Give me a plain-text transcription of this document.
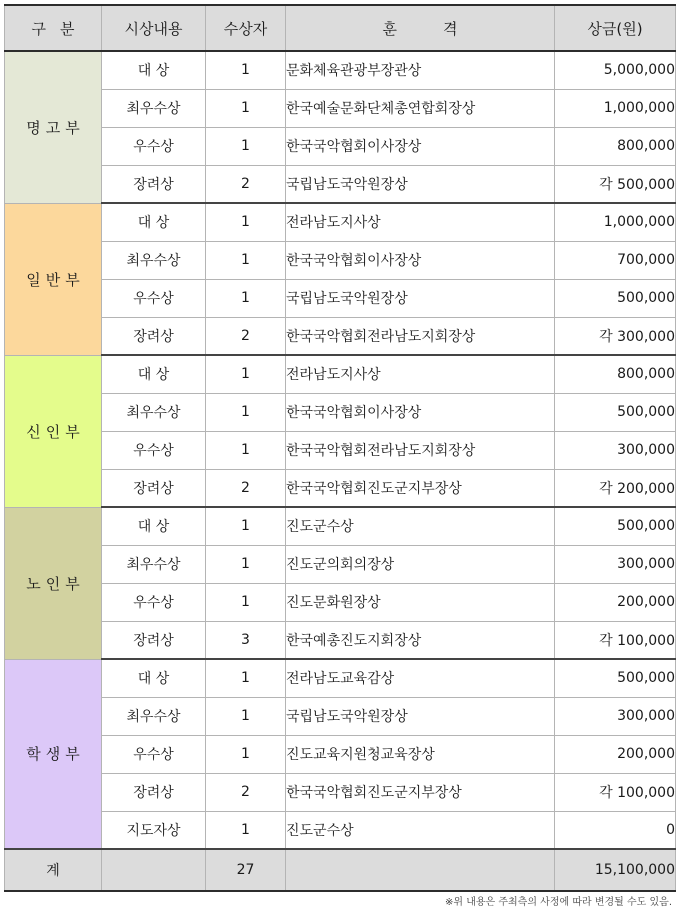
구분	시상내용	수상자	훈격	상금(원)
명고부	대 상	1	문화체육관광부장관상	5,000,000
	최우수상	1	한국예술문화단체총연합회장상	1,000,000
	우수상	1	한국국악협회이사장상	800,000
	장려상	2	국립남도국악원장상	각 500,000
일반부	대 상	1	전라남도지사상	1,000,000
	최우수상	1	한국국악협회이사장상	700,000
	우수상	1	국립남도국악원장상	500,000
	장려상	2	한국국악협회전라남도지회장상	각 300,000
신인부	대 상	1	전라남도지사상	800,000
	최우수상	1	한국국악협회이사장상	500,000
	우수상	1	한국국악협회전라남도지회장상	300,000
	장려상	2	한국국악협회진도군지부장상	각 200,000
노인부	대 상	1	진도군수상	500,000
	최우수상	1	진도군의회의장상	300,000
	우수상	1	진도문화원장상	200,000
	장려상	3	한국예총진도지회장상	각 100,000
학생부	대 상	1	전라남도교육감상	500,000
	최우수상	1	국립남도국악원장상	300,000
	우수상	1	진도교육지원청교육장상	200,000
	장려상	2	한국국악협회진도군지부장상	각 100,000
	지도자상	1	진도군수상	0
계		27		15,100,000
※위 내용은 주최측의 사정에 따라 변경될 수도 있음.
